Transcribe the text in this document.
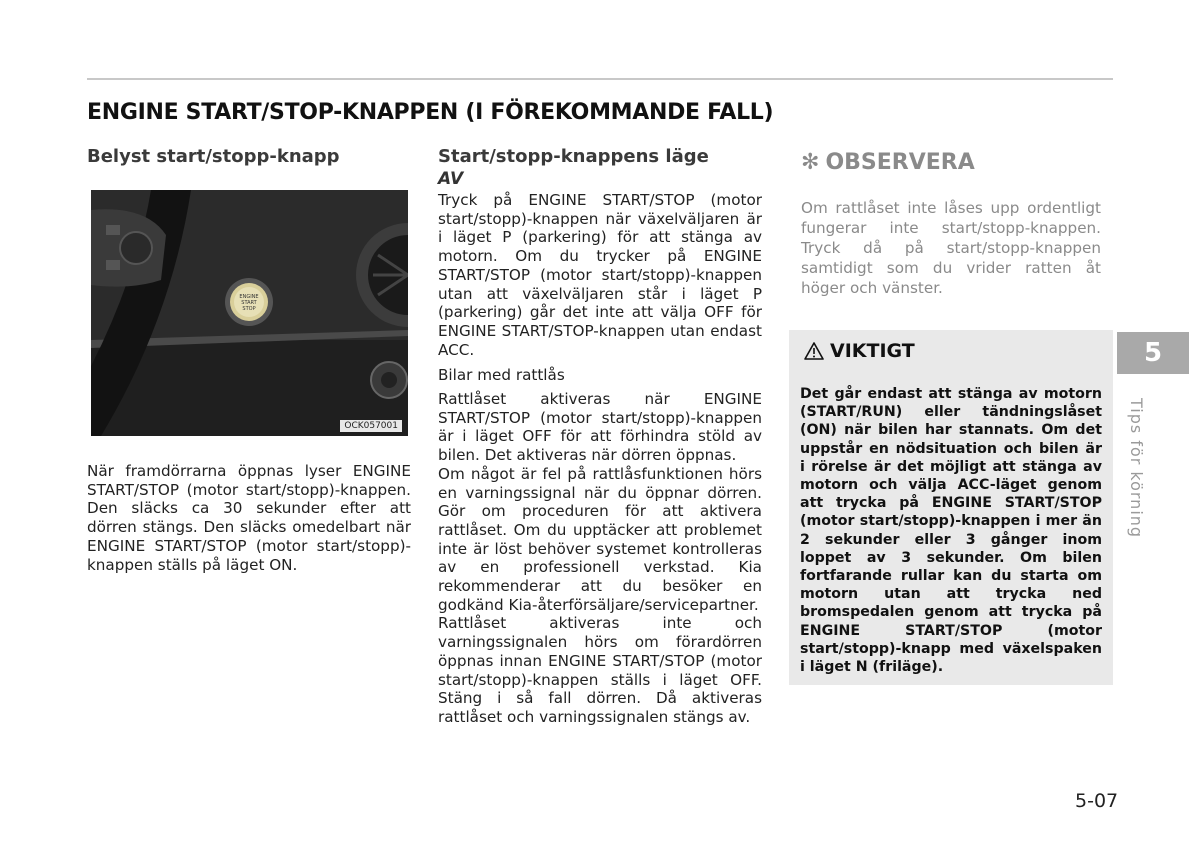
ENGINE START/STOP-KNAPPEN (I FÖREKOMMANDE FALL)
Belyst start/stopp-knapp
ENGINE
START
STOP
OCK057001
När framdörrarna öppnas lyser ENGINE START/STOP (motor start/stopp)-knappen. Den släcks ca 30 sekunder efter att dörren stängs. Den släcks omedelbart när ENGINE START/STOP (motor start/stopp)-knappen ställs på läget ON.
Start/stopp-knappens läge
AV
Tryck på ENGINE START/STOP (motor start/stopp)-knappen när växelväljaren är i läget P (parkering) för att stänga av motorn. Om du trycker på ENGINE START/STOP (motor start/stopp)-knappen utan att växelväljaren står i läget P (parkering) går det inte att välja OFF för ENGINE START/STOP-knappen utan endast ACC.
Bilar med rattlås
Rattlåset aktiveras när ENGINE START/STOP (motor start/stopp)-knappen är i läget OFF för att förhindra stöld av bilen. Det aktiveras när dörren öppnas.
Om något är fel på rattlåsfunktionen hörs en varningssignal när du öppnar dörren. Gör om proceduren för att aktivera rattlåset. Om du upptäcker att problemet inte är löst behöver systemet kontrolleras av en professionell verkstad. Kia rekommenderar att du besöker en godkänd Kia-återförsäljare/servicepartner.
Rattlåset aktiveras inte och varningssignalen hörs om förardörren öppnas innan ENGINE START/STOP (motor start/stopp)-knappen ställs i läget OFF. Stäng i så fall dörren. Då aktiveras rattlåset och varningssignalen stängs av.
✻ OBSERVERA
Om rattlåset inte låses upp ordentligt fungerar inte start/stopp-knappen. Tryck då på start/stopp-knappen samtidigt som du vrider ratten åt höger och vänster.
VIKTIGT
Det går endast att stänga av motorn (START/RUN) eller tändningslåset (ON) när bilen har stannats. Om det uppstår en nödsituation och bilen är i rörelse är det möjligt att stänga av motorn och välja ACC-läget genom att trycka på ENGINE START/STOP (motor start/stopp)-knappen i mer än 2 sekunder eller 3 gånger inom loppet av 3 sekunder. Om bilen fortfarande rullar kan du starta om motorn utan att trycka ned bromspedalen genom att trycka på ENGINE START/STOP (motor start/stopp)-knapp med växelspaken i läget N (friläge).
5
Tips för körning
5-07
